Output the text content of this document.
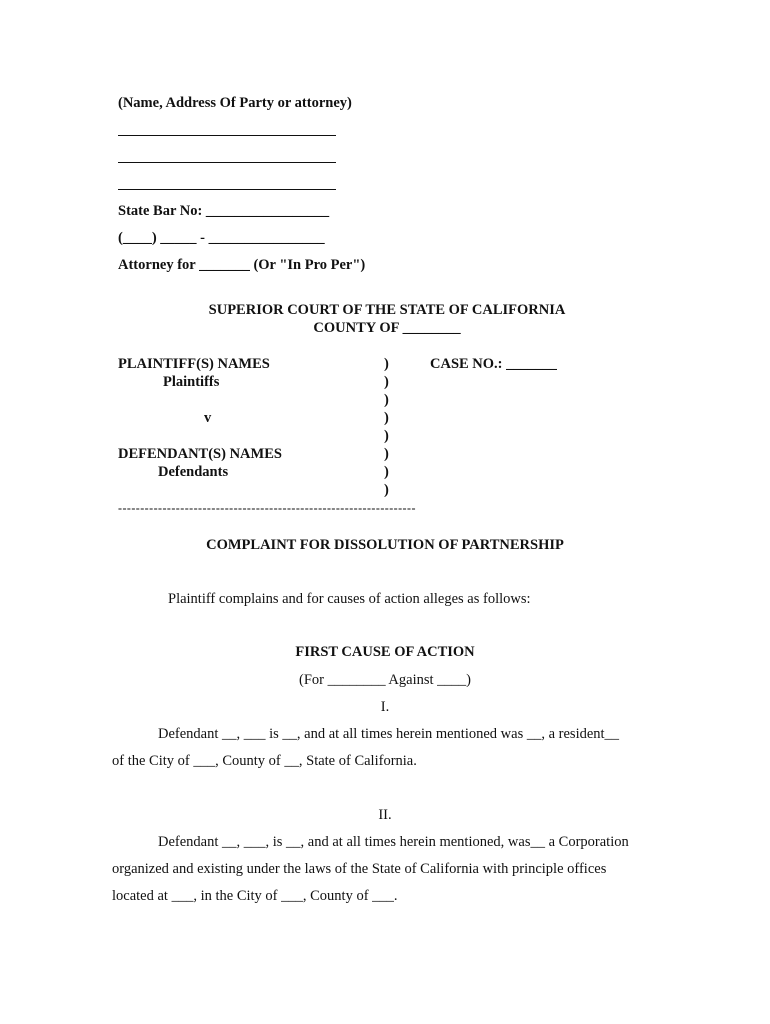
(Name, Address Of Party or attorney)
State Bar No: _________________
(____) _____ - ________________
Attorney for _______ (Or "In Pro Per")
SUPERIOR COURT OF THE STATE OF CALIFORNIA
COUNTY OF ________
PLAINTIFF(S) NAMES
Plaintiffs
v
DEFENDANT(S) NAMES
Defendants
CASE NO.: _______
)
)
)
)
)
)
)
)
-------------------------------------------------------------------
COMPLAINT FOR DISSOLUTION OF PARTNERSHIP
Plaintiff complains and for causes of action alleges as follows:
FIRST CAUSE OF ACTION
(For ________ Against ____)
I.
Defendant __, ___ is __, and at all times herein mentioned was __, a resident__
of the City of ___, County of __, State of California.
II.
Defendant __, ___, is __, and at all times herein mentioned, was__ a Corporation
organized and existing under the laws of the State of California with principle offices
located at ___, in the City of ___, County of ___.
